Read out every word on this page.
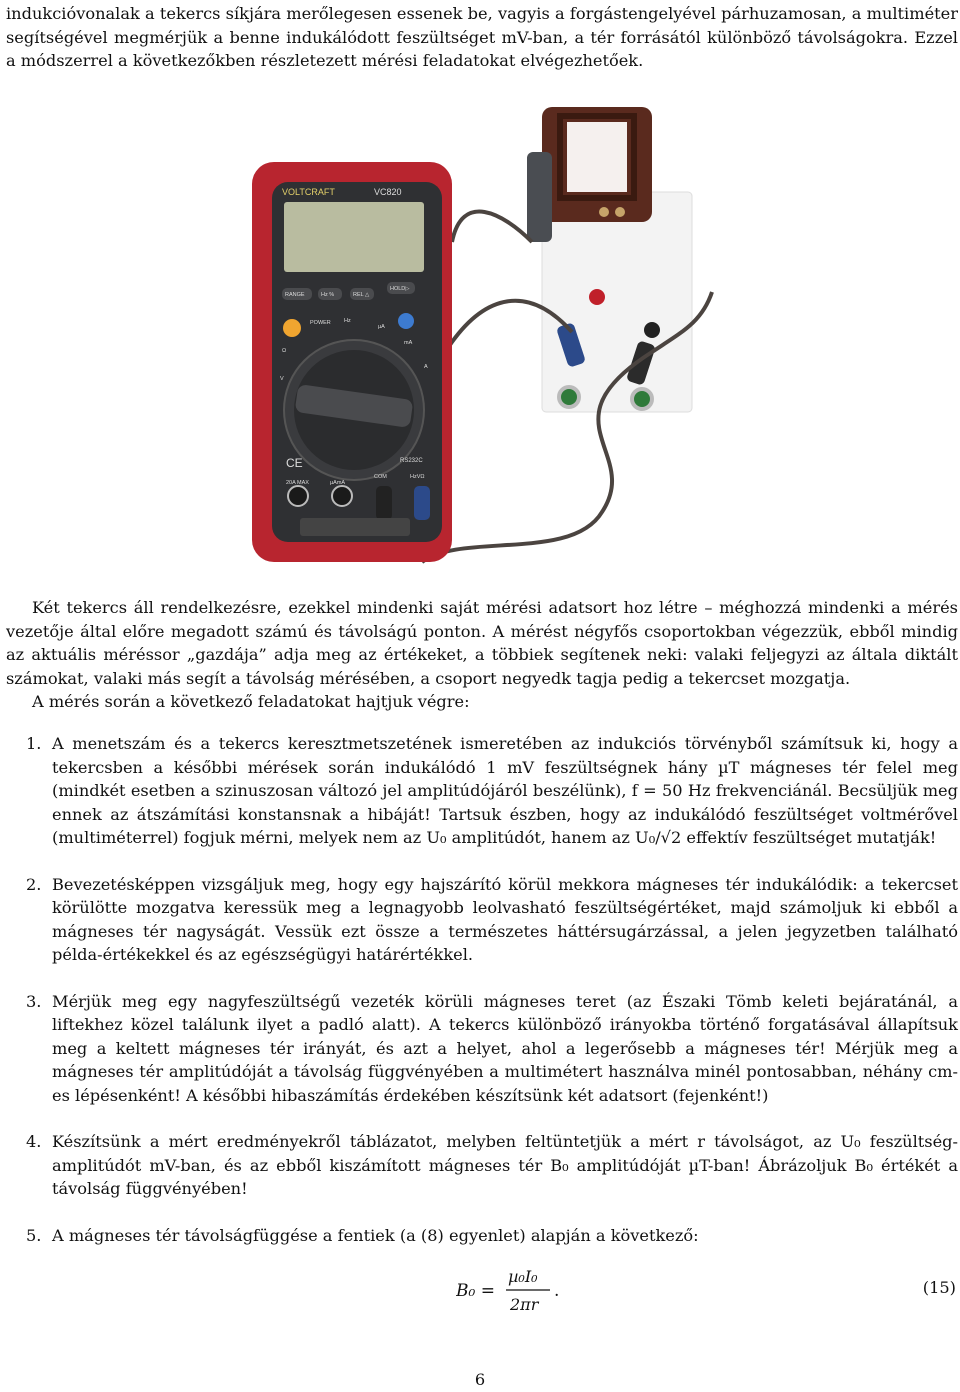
indukcióvonalak a tekercs síkjára merőlegesen essenek be, vagyis a forgástengelyével párhuzamosan, a multiméter segítségével megmérjük a benne indukálódott feszültséget mV-ban, a tér forrásától különböző távolságokra. Ezzel a módszerrel a következőkben részletezett mérési feladatokat elvégezhetőek.

VOLTCRAFT	VC820
RANGE	Hz %	REL △
HOLD▷
POWER Hz
µA
mA
A
V
Ω
CE	RS232C
20A MAX	µAmA
COM	HzVΩ
Két tekercs áll rendelkezésre, ezekkel mindenki saját mérési adatsort hoz létre – méghozzá mindenki a mérés vezetője által előre megadott számú és távolságú ponton. A mérést négyfős csoportokban végezzük, ebből mindig az aktuális méréssor „gazdája” adja meg az értékeket, a többiek segítenek neki: valaki feljegyzi az általa diktált számokat, valaki más segít a távolság mérésében, a csoport negyedk tagja pedig a tekercset mozgatja.
A mérés során a következő feladatokat hajtjuk végre:
1. A menetszám és a tekercs keresztmetszetének ismeretében az indukciós törvényből számítsuk ki, hogy a tekercsben a későbbi mérések során indukálódó 1 mV feszültségnek hány µT mágneses tér felel meg (mindkét esetben a szinuszosan változó jel amplitúdójáról beszélünk), f = 50 Hz frekvenciánál. Becsüljük meg ennek az átszámítási konstansnak a hibáját! Tartsuk észben, hogy az indukálódó feszültséget voltmérővel (multiméterrel) fogjuk mérni, melyek nem az U₀ amplitúdót, hanem az U₀/√2 effektív feszültséget mutatják!
2. Bevezetésképpen vizsgáljuk meg, hogy egy hajszárító körül mekkora mágneses tér indukálódik: a tekercset körülötte mozgatva keressük meg a legnagyobb leolvasható feszültségértéket, majd számoljuk ki ebből a mágneses tér nagyságát. Vessük ezt össze a természetes háttérsugárzással, a jelen jegyzetben található példa-értékekkel és az egészségügyi határértékkel.
3. Mérjük meg egy nagyfeszültségű vezeték körüli mágneses teret (az Északi Tömb keleti bejáratánál, a liftekhez közel találunk ilyet a padló alatt). A tekercs különböző irányokba történő forgatásával állapítsuk meg a keltett mágneses tér irányát, és azt a helyet, ahol a legerősebb a mágneses tér! Mérjük meg a mágneses tér amplitúdóját a távolság függvényében a multimétert használva minél pontosabban, néhány cm-es lépésenként! A későbbi hibaszámítás érdekében készítsünk két adatsort (fejenként!)
4. Készítsünk a mért eredményekről táblázatot, melyben feltüntetjük a mért r távolságot, az U₀ feszültség-amplitúdót mV-ban, és az ebből kiszámított mágneses tér B₀ amplitúdóját µT-ban! Ábrázoljuk B₀ értékét a távolság függvényében!
5. A mágneses tér távolságfüggése a fentiek (a (8) egyenlet) alapján a következő:
B₀ =
µ₀I₀
2πr
.	(15)
6
